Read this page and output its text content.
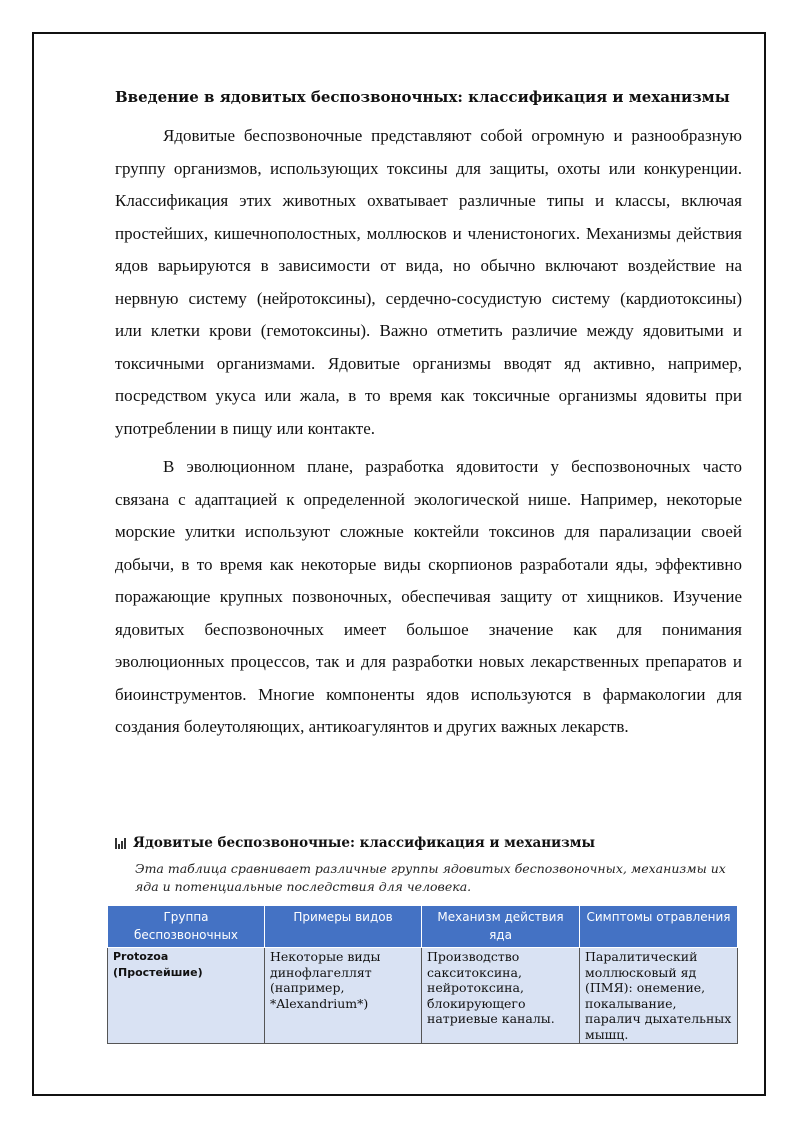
Введение в ядовитых беспозвоночных: классификация и механизмы

Ядовитые беспозвоночные представляют собой огромную и разнообразную группу организмов, использующих токсины для защиты, охоты или конкуренции. Классификация этих животных охватывает различные типы и классы, включая простейших, кишечнополостных, моллюсков и членистоногих. Механизмы действия ядов варьируются в зависимости от вида, но обычно включают воздействие на нервную систему (нейротоксины), сердечно-сосудистую систему (кардиотоксины) или клетки крови (гемотоксины). Важно отметить различие между ядовитыми и токсичными организмами. Ядовитые организмы вводят яд активно, например, посредством укуса или жала, в то время как токсичные организмы ядовиты при употреблении в пищу или контакте.

В эволюционном плане, разработка ядовитости у беспозвоночных часто связана с адаптацией к определенной экологической нише. Например, некоторые морские улитки используют сложные коктейли токсинов для парализации своей добычи, в то время как некоторые виды скорпионов разработали яды, эффективно поражающие крупных позвоночных, обеспечивая защиту от хищников. Изучение ядовитых беспозвоночных имеет большое значение как для понимания эволюционных процессов, так и для разработки новых лекарственных препаратов и биоинструментов. Многие компоненты ядов используются в фармакологии для создания болеутоляющих, антикоагулянтов и других важных лекарств.

Ядовитые беспозвоночные: классификация и механизмы
Эта таблица сравнивает различные группы ядовитых беспозвоночных, механизмы их яда и потенциальные последствия для человека.
Группа беспозвоночных	Примеры видов	Механизм действия яда	Симптомы отравления
Protozoa (Простейшие)	Некоторые виды динофлагеллят (например, *Alexandrium*)	Производство сакситоксина, нейротоксина, блокирующего натриевые каналы.	Паралитический моллюсковый яд (ПМЯ): онемение, покалывание, паралич дыхательных мышц.
